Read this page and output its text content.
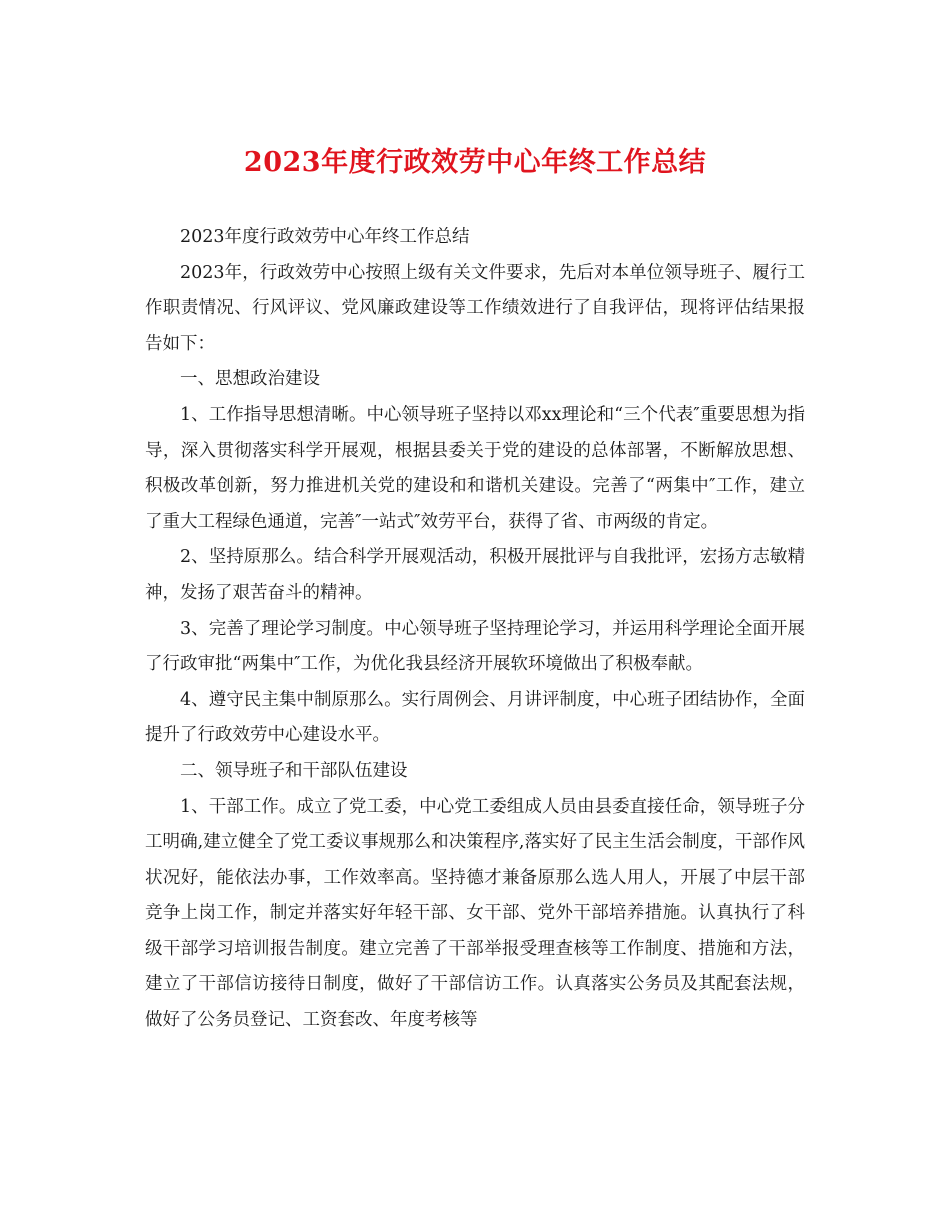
2023年度行政效劳中心年终工作总结

2023年度行政效劳中心年终工作总结

2023年，行政效劳中心按照上级有关文件要求，先后对本单位领导班子、履行工作职责情况、行风评议、党风廉政建设等工作绩效进行了自我评估，现将评估结果报告如下：

一、思想政治建设

1、工作指导思想清晰。中心领导班子坚持以邓xx理论和“三个代表″重要思想为指导，深入贯彻落实科学开展观，根据县委关于党的建设的总体部署，不断解放思想、积极改革创新，努力推进机关党的建设和和谐机关建设。完善了“两集中″工作，建立了重大工程绿色通道，完善″一站式″效劳平台，获得了省、市两级的肯定。

2、坚持原那么。结合科学开展观活动，积极开展批评与自我批评，宏扬方志敏精神，发扬了艰苦奋斗的精神。

3、完善了理论学习制度。中心领导班子坚持理论学习，并运用科学理论全面开展了行政审批“两集中″工作，为优化我县经济开展软环境做出了积极奉献。

4、遵守民主集中制原那么。实行周例会、月讲评制度，中心班子团结协作，全面提升了行政效劳中心建设水平。

二、领导班子和干部队伍建设

1、干部工作。成立了党工委，中心党工委组成人员由县委直接任命，领导班子分工明确,建立健全了党工委议事规那么和决策程序,落实好了民主生活会制度，干部作风状况好，能依法办事，工作效率高。坚持德才兼备原那么选人用人，开展了中层干部竞争上岗工作，制定并落实好年轻干部、女干部、党外干部培养措施。认真执行了科级干部学习培训报告制度。建立完善了干部举报受理查核等工作制度、措施和方法，建立了干部信访接待日制度，做好了干部信访工作。认真落实公务员及其配套法规，做好了公务员登记、工资套改、年度考核等
